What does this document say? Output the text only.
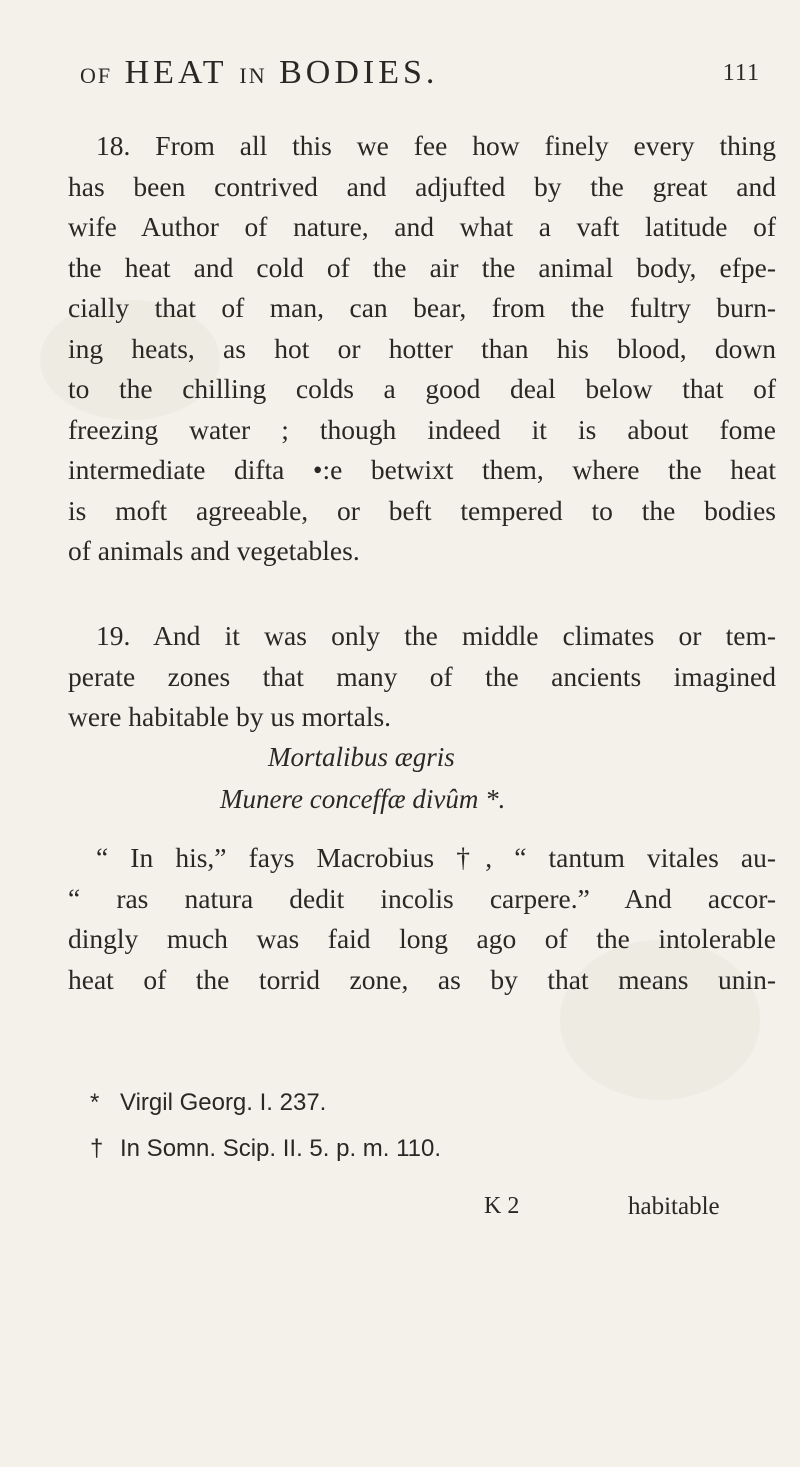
OF HEAT IN BODIES.	111

18. From all this we fee how finely every thing
has been contrived and adjufted by the great and
wife Author of nature, and what a vaft latitude of
the heat and cold of the air the animal body, efpe-
cially that of man, can bear, from the fultry burn-
ing heats, as hot or hotter than his blood, down
to the chilling colds a good deal below that of
freezing water ; though indeed it is about fome
intermediate difta •:e betwixt them, where the heat
is moft agreeable, or beft tempered to the bodies
of animals and vegetables.

19. And it was only the middle climates or tem-
perate zones that many of the ancients imagined
were habitable by us mortals.

Mortalibus ægris
Munere conceffæ divûm *.

“ In his,” fays Macrobius †, “ tantum vitales au-
“ ras natura dedit incolis carpere.” And accor-
dingly much was faid long ago of the intolerable
heat of the torrid zone, as by that means unin-

* Virgil Georg. I. 237.
† In Somn. Scip. II. 5. p. m. 110.
K 2	habitable
